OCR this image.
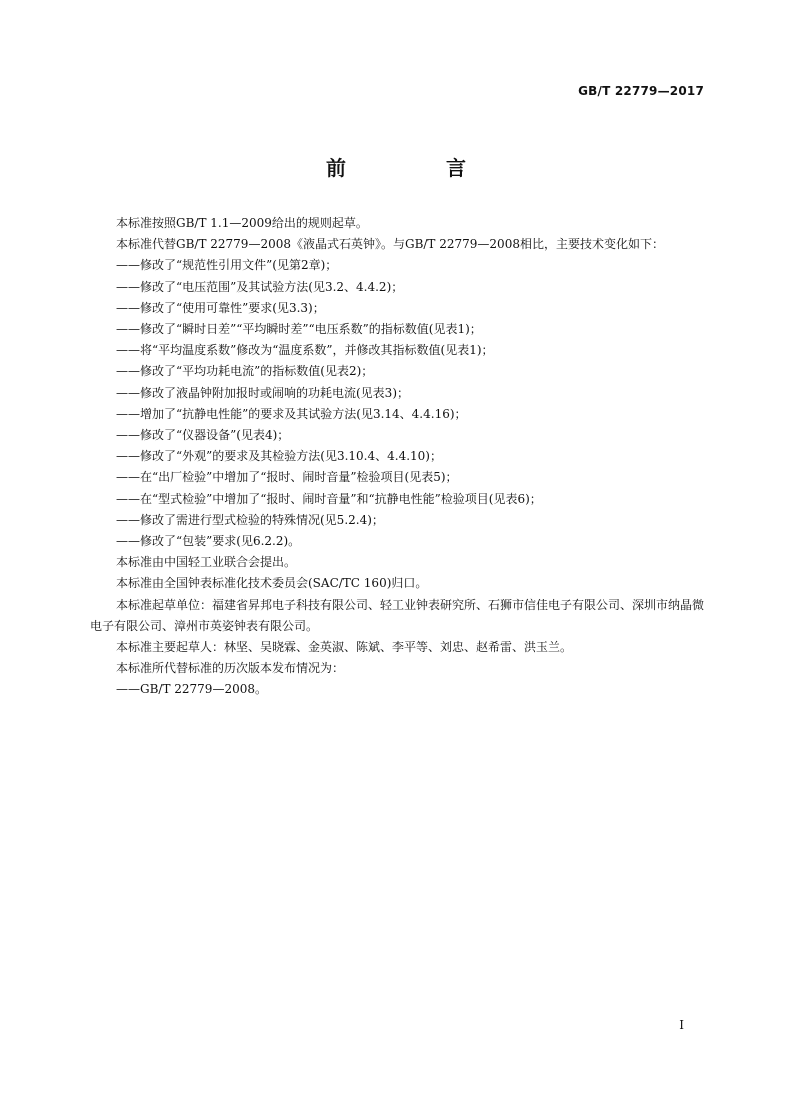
GB/T 22779—2017
前　言

本标准按照GB/T 1.1—2009给出的规则起草。

本标准代替GB/T 22779—2008《液晶式石英钟》。与GB/T 22779—2008相比，主要技术变化如下：

——修改了“规范性引用文件”(见第2章)；

——修改了“电压范围”及其试验方法(见3.2、4.4.2)；

——修改了“使用可靠性”要求(见3.3)；

——修改了“瞬时日差”“平均瞬时差”“电压系数”的指标数值(见表1)；

——将“平均温度系数”修改为“温度系数”，并修改其指标数值(见表1)；

——修改了“平均功耗电流”的指标数值(见表2)；

——修改了液晶钟附加报时或闹响的功耗电流(见表3)；

——增加了“抗静电性能”的要求及其试验方法(见3.14、4.4.16)；

——修改了“仪器设备”(见表4)；

——修改了“外观”的要求及其检验方法(见3.10.4、4.4.10)；

——在“出厂检验”中增加了“报时、闹时音量”检验项目(见表5)；

——在“型式检验”中增加了“报时、闹时音量”和“抗静电性能”检验项目(见表6)；

——修改了需进行型式检验的特殊情况(见5.2.4)；

——修改了“包装”要求(见6.2.2)。

本标准由中国轻工业联合会提出。

本标准由全国钟表标准化技术委员会(SAC/TC 160)归口。

本标准起草单位：福建省昇邦电子科技有限公司、轻工业钟表研究所、石狮市信佳电子有限公司、深圳市纳晶微电子有限公司、漳州市英姿钟表有限公司。

本标准主要起草人：林坚、吴晓霖、金英淑、陈斌、李平等、刘忠、赵希雷、洪玉兰。

本标准所代替标准的历次版本发布情况为：

——GB/T 22779—2008。

I
